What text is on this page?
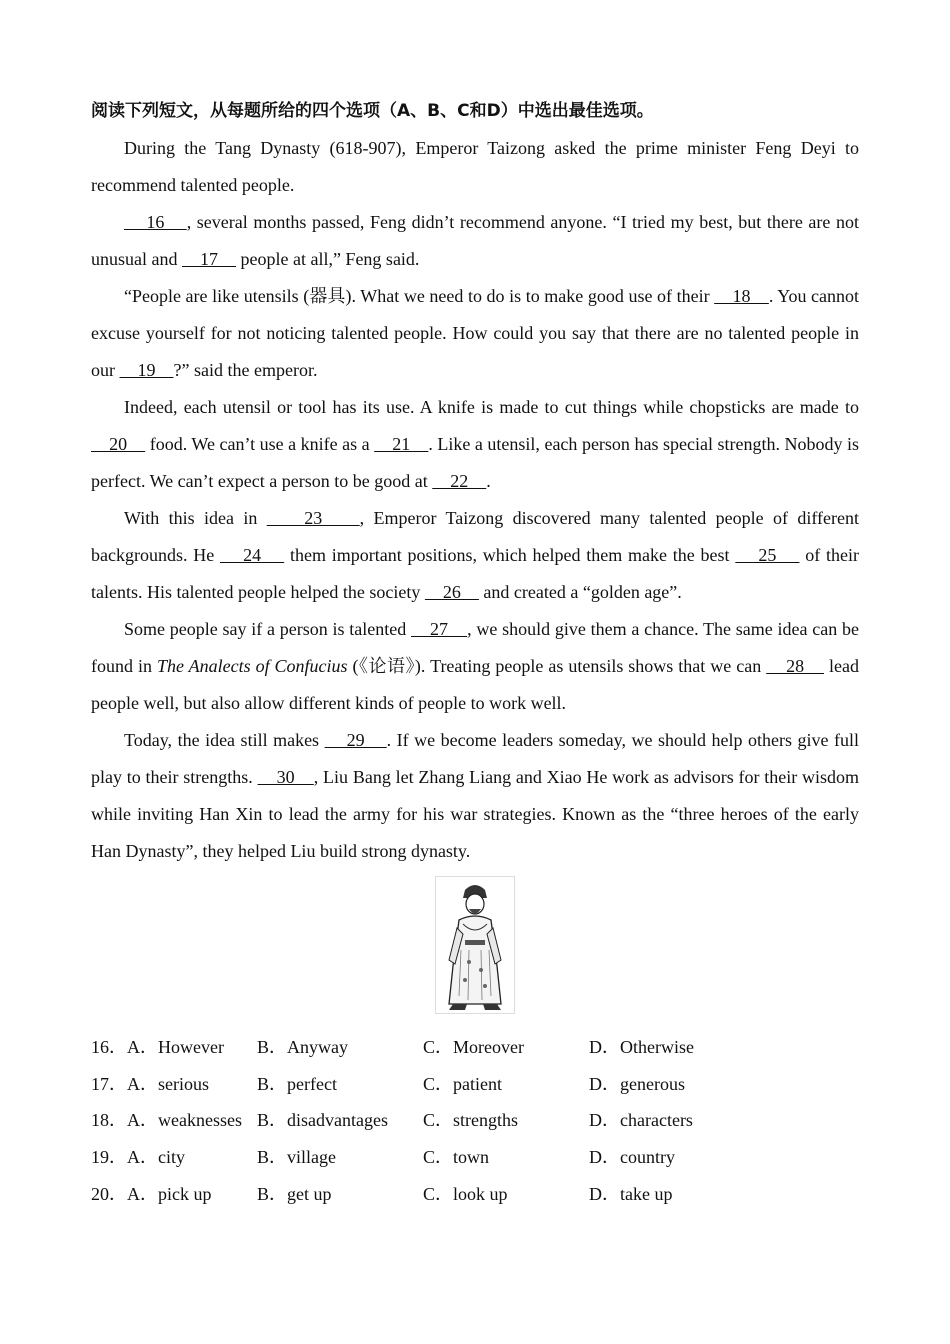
阅读下列短文，从每题所给的四个选项（A、B、C和D）中选出最佳选项。

During the Tang Dynasty (618-907), Emperor Taizong asked the prime minister Feng Deyi to recommend talented people.

16    , several months passed, Feng didn’t recommend anyone. “I tried my best, but there are not unusual and     17     people at all,” Feng said.

“People are like utensils (器具). What we need to do is to make good use of their     18    . You cannot excuse yourself for not noticing talented people. How could you say that there are no talented people in our     19    ?” said the emperor.

Indeed, each utensil or tool has its use. A knife is made to cut things while chopsticks are made to     20     food. We can’t use a knife as a     21    . Like a utensil, each person has special strength. Nobody is perfect. We can’t expect a person to be good at     22    .

With this idea in     23    , Emperor Taizong discovered many talented people of different backgrounds. He     24     them important positions, which helped them make the best     25     of their talents. His talented people helped the society     26     and created a “golden age”.

Some people say if a person is talented     27    , we should give them a chance. The same idea can be found in The Analects of Confucius (《论语》). Treating people as utensils shows that we can     28     lead people well, but also allow different kinds of people to work well.

Today, the idea still makes     29    . If we become leaders someday, we should help others give full play to their strengths.     30    , Liu Bang let Zhang Liang and Xiao He work as advisors for their wisdom while inviting Han Xin to lead the army for his war strategies. Known as the “three heroes of the early Han Dynasty”, they helped Liu build strong dynasty.

16．A．However	B．Anyway	C．Moreover	D．Otherwise
17．A．serious	B．perfect	C．patient	D．generous
18．A．weaknesses B．disadvantages	C．strengths	D．characters
19．A．city	B．village	C．town	D．country
20．A．pick up	B．get up	C．look up	D．take up
